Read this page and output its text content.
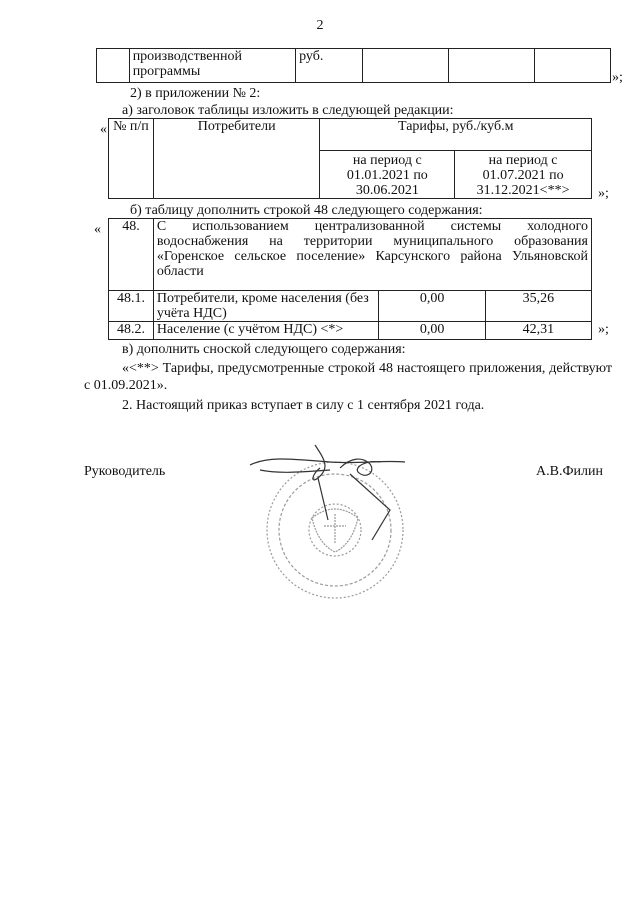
2
	производственной программы	руб.			
»;
2) в приложении № 2:
а) заголовок таблицы изложить в следующей редакции:
« № п/п	Потребители	Тарифы, руб./куб.м	
		на период с 01.01.2021 по 30.06.2021	на период с 01.07.2021 по 31.12.2021<**> »;
б) таблицу дополнить строкой 48 следующего содержания:
« 48.	С использованием централизованной системы холодного водоснабжения на территории муниципального образования «Горенское сельское поселение» Карсунского района Ульяновской области		
48.1.	Потребители, кроме населения (без учёта НДС)	0,00	35,26
48.2.	Население (с учётом НДС) <*>	0,00	42,31	»;
в) дополнить сноской следующего содержания:
«<**> Тарифы, предусмотренные строкой 48 настоящего приложения, действуют с 01.09.2021».
2. Настоящий приказ вступает в силу с 1 сентября 2021 года.
Руководитель	А.В.Филин
